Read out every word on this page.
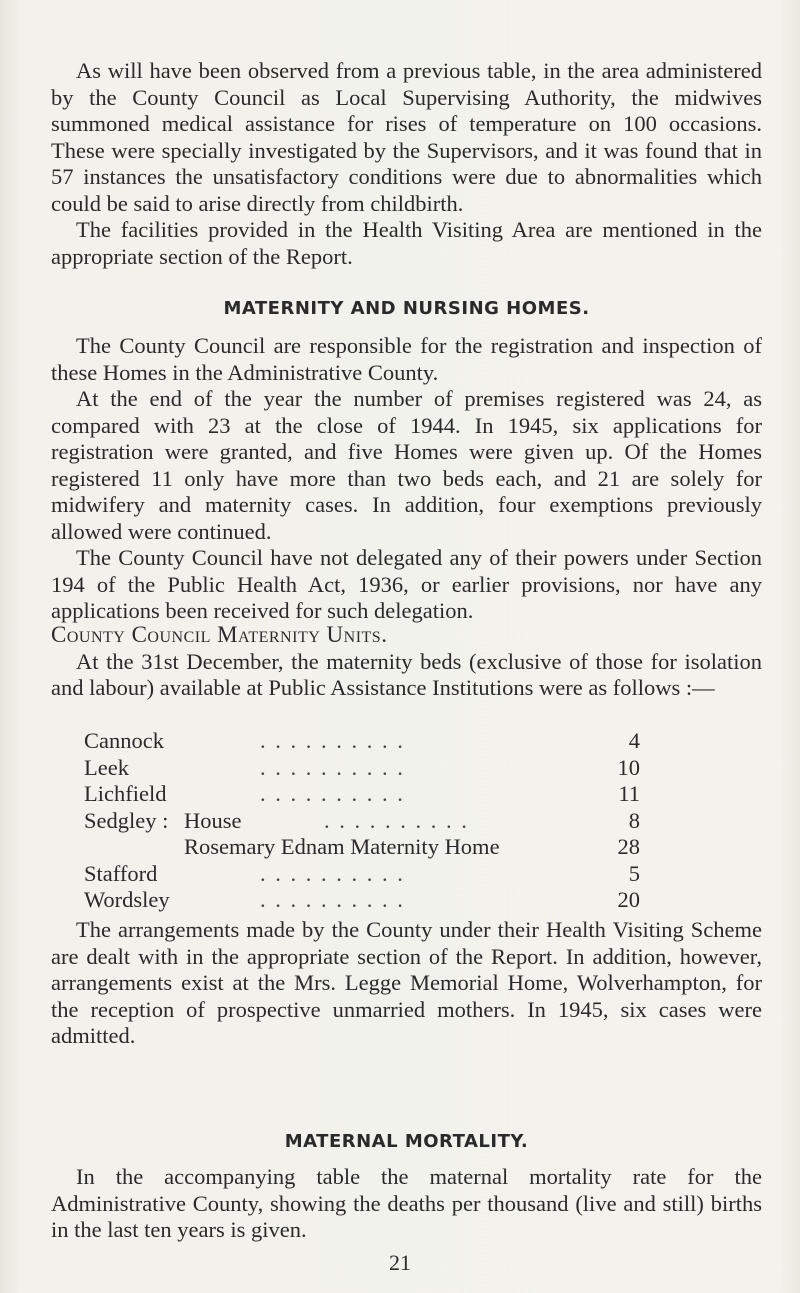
As will have been observed from a previous table, in the area administered by the County Council as Local Supervising Authority, the midwives summoned medical assistance for rises of temperature on 100 occasions. These were specially investigated by the Supervisors, and it was found that in 57 instances the unsatisfactory conditions were due to abnormalities which could be said to arise directly from childbirth.

The facilities provided in the Health Visiting Area are mentioned in the appropriate section of the Report.

MATERNITY AND NURSING HOMES.

The County Council are responsible for the registration and inspection of these Homes in the Administrative County.

At the end of the year the number of premises registered was 24, as compared with 23 at the close of 1944. In 1945, six applications for registration were granted, and five Homes were given up. Of the Homes registered 11 only have more than two beds each, and 21 are solely for midwifery and maternity cases. In addition, four exemptions previously allowed were continued.

The County Council have not delegated any of their powers under Section 194 of the Public Health Act, 1936, or earlier provisions, nor have any applications been received for such delegation.

County Council Maternity Units.

At the 31st December, the maternity beds (exclusive of those for isolation and labour) available at Public Assistance Institutions were as follows :—

Cannock	. . . . . . . . . .	4
Leek	. . . . . . . . . .	10
Lichfield	. . . . . . . . . .	11
Sedgley : House	. . . . . . . . . .	8
Rosemary Ednam Maternity Home	28
Stafford	. . . . . . . . . .	5
Wordsley	. . . . . . . . . .	20

The arrangements made by the County under their Health Visiting Scheme are dealt with in the appropriate section of the Report. In addition, however, arrangements exist at the Mrs. Legge Memorial Home, Wolverhampton, for the reception of prospective unmarried mothers. In 1945, six cases were admitted.

MATERNAL MORTALITY.

In the accompanying table the maternal mortality rate for the Administrative County, showing the deaths per thousand (live and still) births in the last ten years is given.

21
